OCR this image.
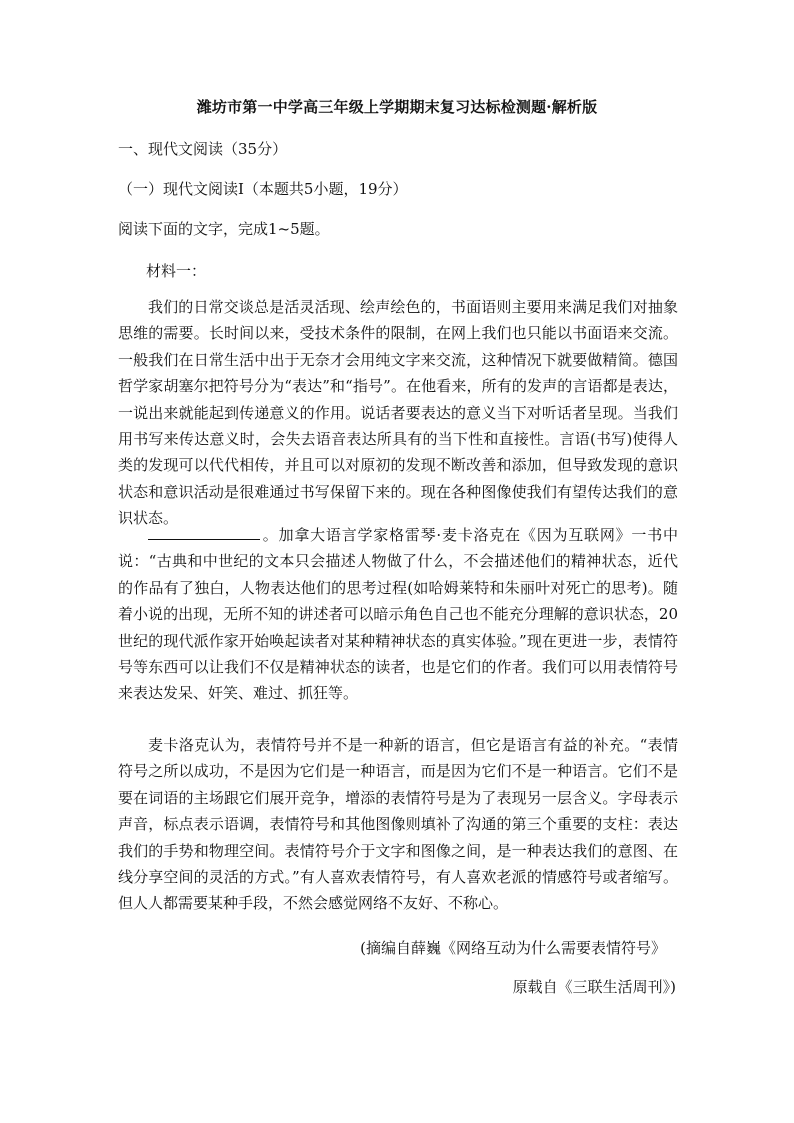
潍坊市第一中学高三年级上学期期末复习达标检测题·解析版
一、现代文阅读（35分）
（一）现代文阅读Ⅰ（本题共5小题，19分）
阅读下面的文字，完成1~5题。
材料一：

我们的日常交谈总是活灵活现、绘声绘色的，书面语则主要用来满足我们对抽象思维的需要。长时间以来，受技术条件的限制，在网上我们也只能以书面语来交流。一般我们在日常生活中出于无奈才会用纯文字来交流，这种情况下就要做精简。德国哲学家胡塞尔把符号分为“表达”和“指号”。在他看来，所有的发声的言语都是表达，一说出来就能起到传递意义的作用。说话者要表达的意义当下对听话者呈现。当我们用书写来传达意义时，会失去语音表达所具有的当下性和直接性。言语(书写)使得人类的发现可以代代相传，并且可以对原初的发现不断改善和添加，但导致发现的意识状态和意识活动是很难通过书写保留下来的。现在各种图像使我们有望传达我们的意识状态。

。加拿大语言学家格雷琴·麦卡洛克在《因为互联网》一书中说：“古典和中世纪的文本只会描述人物做了什么，不会描述他们的精神状态，近代的作品有了独白，人物表达他们的思考过程(如哈姆莱特和朱丽叶对死亡的思考)。随着小说的出现，无所不知的讲述者可以暗示角色自己也不能充分理解的意识状态，20世纪的现代派作家开始唤起读者对某种精神状态的真实体验。”现在更进一步，表情符号等东西可以让我们不仅是精神状态的读者，也是它们的作者。我们可以用表情符号来表达发呆、奸笑、难过、抓狂等。

麦卡洛克认为，表情符号并不是一种新的语言，但它是语言有益的补充。“表情符号之所以成功，不是因为它们是一种语言，而是因为它们不是一种语言。它们不是要在词语的主场跟它们展开竞争，增添的表情符号是为了表现另一层含义。字母表示声音，标点表示语调，表情符号和其他图像则填补了沟通的第三个重要的支柱：表达我们的手势和物理空间。表情符号介于文字和图像之间，是一种表达我们的意图、在线分享空间的灵活的方式。”有人喜欢表情符号，有人喜欢老派的情感符号或者缩写。但人人都需要某种手段，不然会感觉网络不友好、不称心。

(摘编自薛巍《网络互动为什么需要表情符号》
原载自《三联生活周刊》)
